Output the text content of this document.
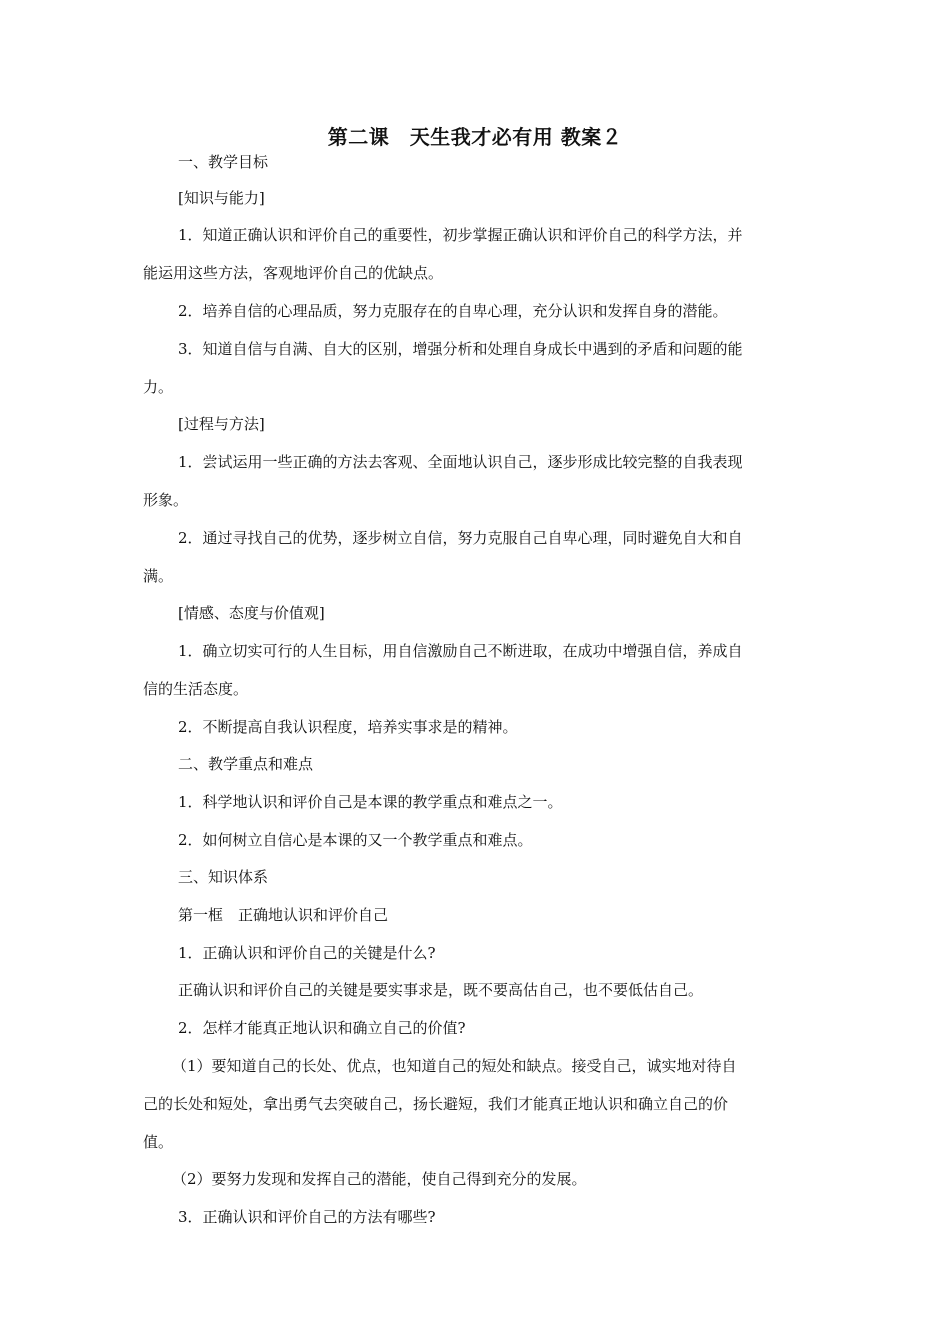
第二课　天生我才必有用 教案２
一、教学目标
[知识与能力]
1．知道正确认识和评价自己的重要性，初步掌握正确认识和评价自己的科学方法，并
能运用这些方法，客观地评价自己的优缺点。
2．培养自信的心理品质，努力克服存在的自卑心理，充分认识和发挥自身的潜能。
3．知道自信与自满、自大的区别，增强分析和处理自身成长中遇到的矛盾和问题的能
力。
[过程与方法]
1．尝试运用一些正确的方法去客观、全面地认识自己，逐步形成比较完整的自我表现
形象。
2．通过寻找自己的优势，逐步树立自信，努力克服自己自卑心理，同时避免自大和自
满。
[情感、态度与价值观]
1．确立切实可行的人生目标，用自信激励自己不断进取，在成功中增强自信，养成自
信的生活态度。
2．不断提高自我认识程度，培养实事求是的精神。
二、教学重点和难点
1．科学地认识和评价自己是本课的教学重点和难点之一。
2．如何树立自信心是本课的又一个教学重点和难点。
三、知识体系
第一框　正确地认识和评价自己
1．正确认识和评价自己的关键是什么?
正确认识和评价自己的关键是要实事求是，既不要高估自己，也不要低估自己。
2．怎样才能真正地认识和确立自己的价值?
（1）要知道自己的长处、优点，也知道自己的短处和缺点。接受自己，诚实地对待自
己的长处和短处，拿出勇气去突破自己，扬长避短，我们才能真正地认识和确立自己的价
值。
（2）要努力发现和发挥自己的潜能，使自己得到充分的发展。
3．正确认识和评价自己的方法有哪些?
